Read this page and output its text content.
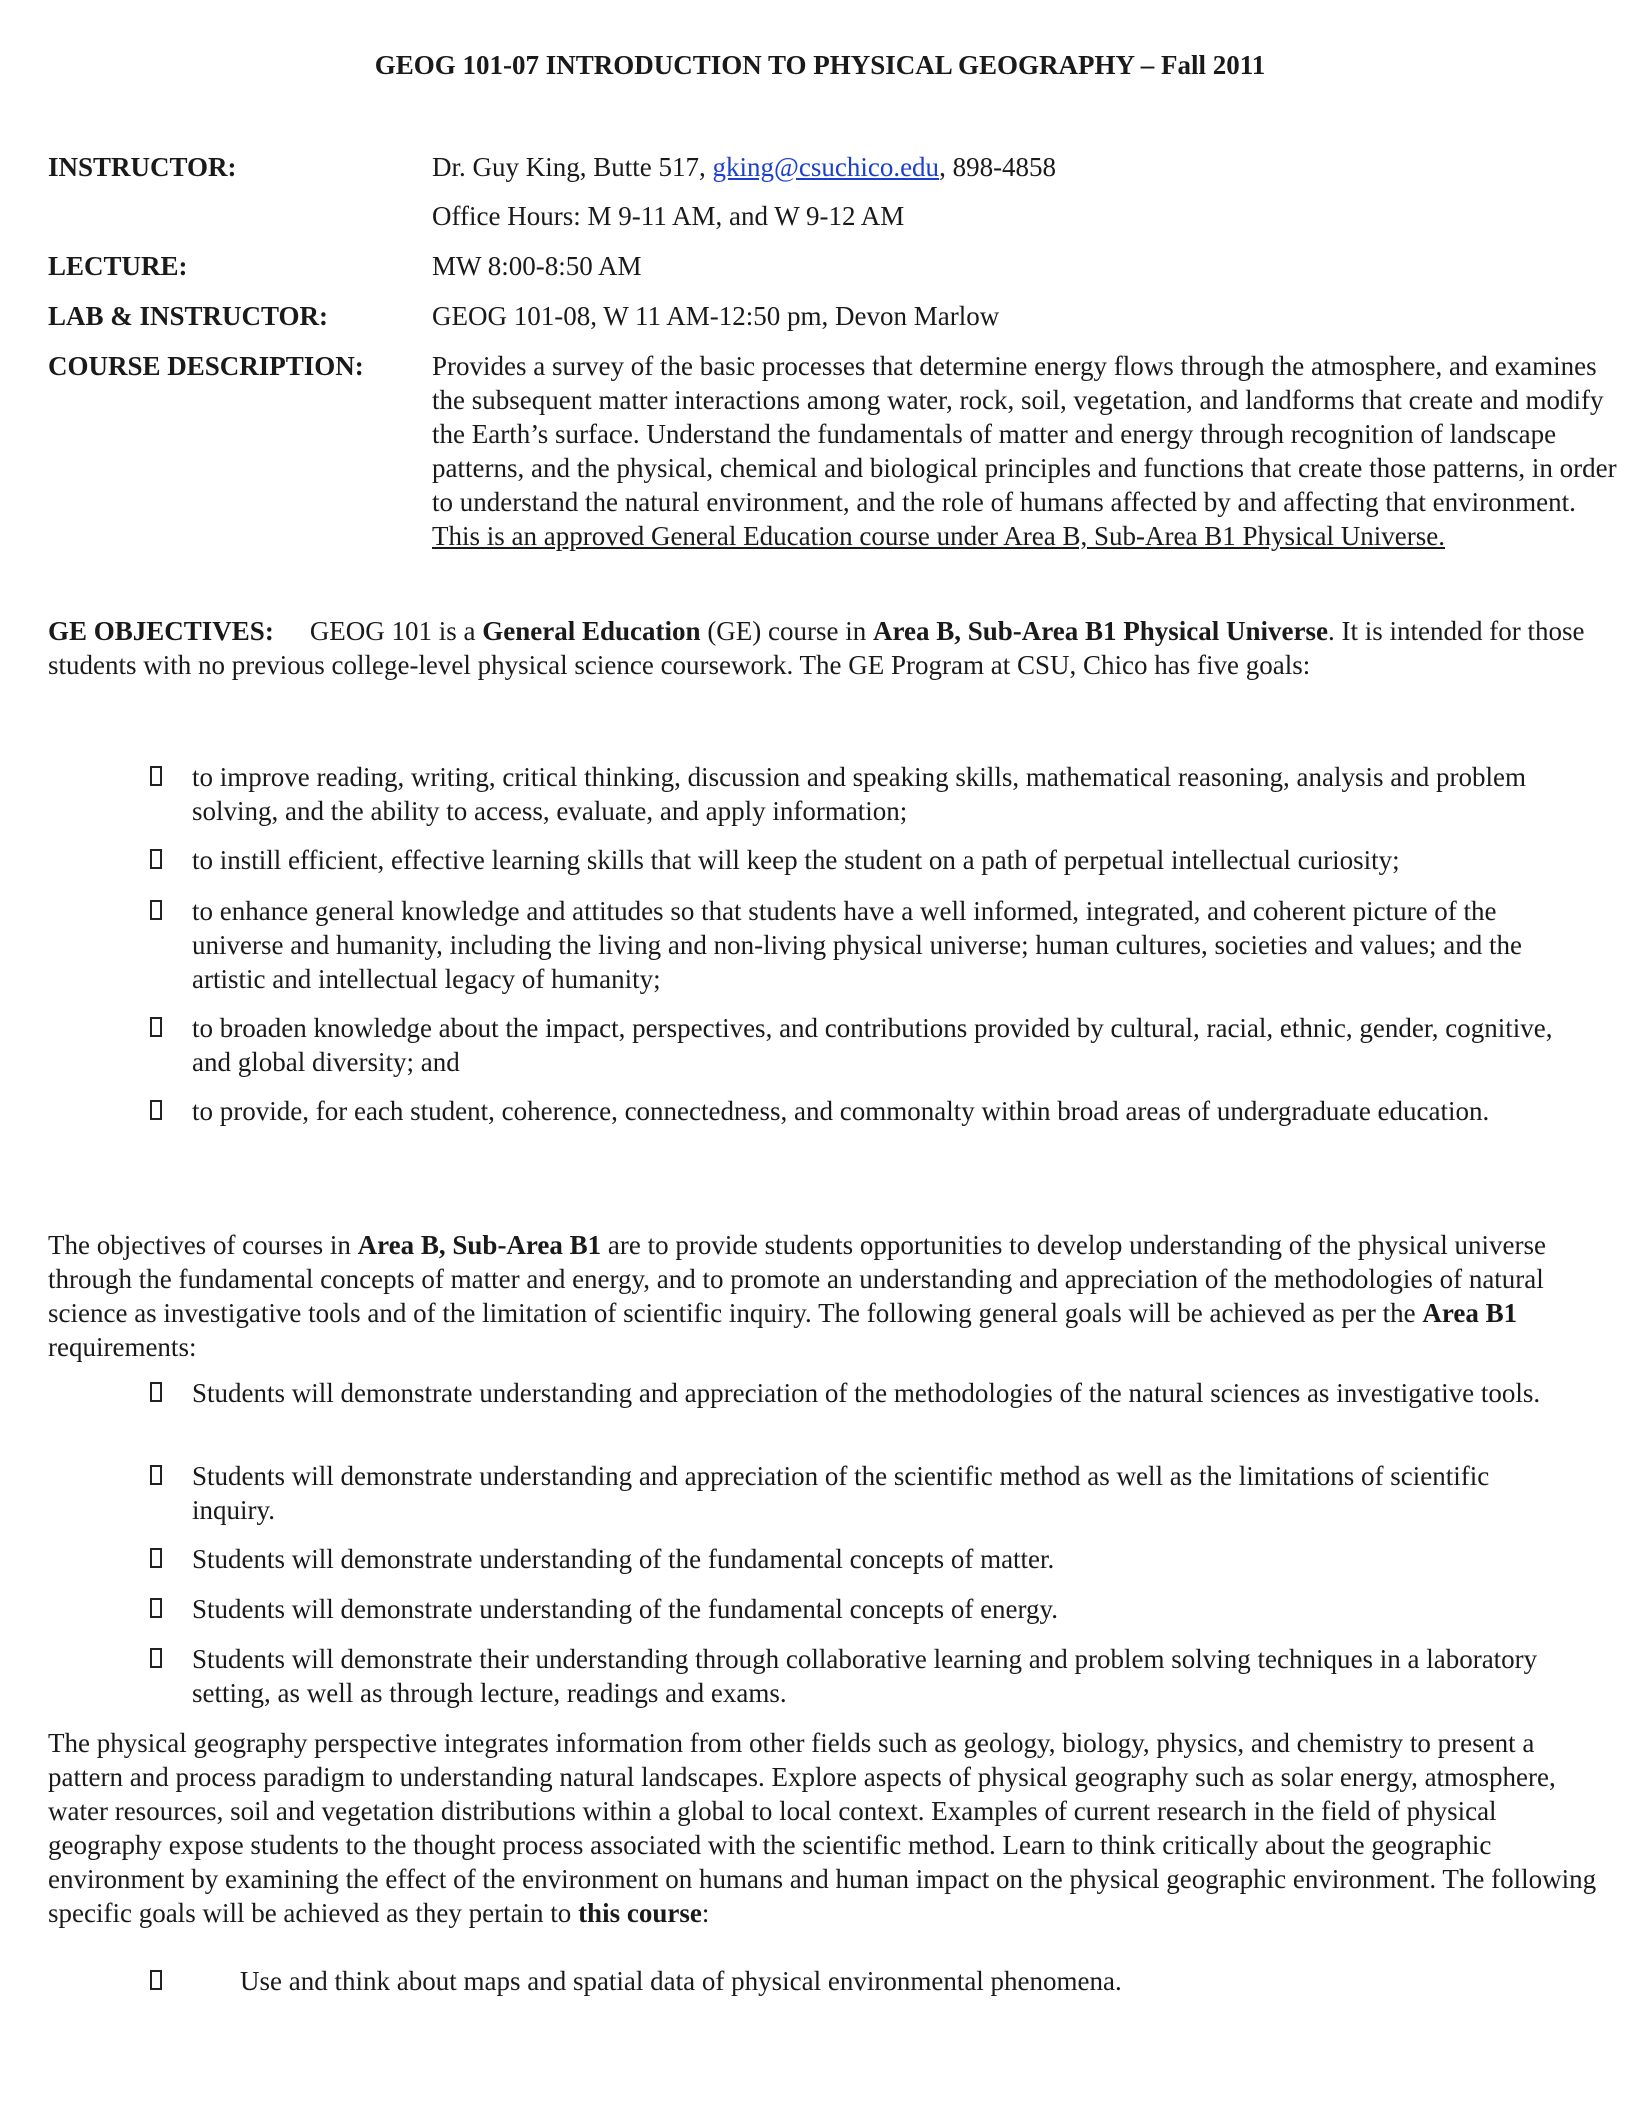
GEOG 101-07 INTRODUCTION TO PHYSICAL GEOGRAPHY – Fall 2011
INSTRUCTOR:	Dr. Guy King, Butte 517, gking@csuchico.edu, 898-4858
Office Hours: M 9-11 AM, and W 9-12 AM
LECTURE:	MW 8:00-8:50 AM
LAB & INSTRUCTOR:	GEOG 101-08, W 11 AM-12:50 pm, Devon Marlow
COURSE DESCRIPTION:	Provides a survey of the basic processes that determine energy flows through the atmosphere, and examines the subsequent matter interactions among water, rock, soil, vegetation, and landforms that create and modify the Earth’s surface. Understand the fundamentals of matter and energy through recognition of landscape patterns, and the physical, chemical and biological principles and functions that create those patterns, in order to understand the natural environment, and the role of humans affected by and affecting that environment. This is an approved General Education course under Area B, Sub-Area B1 Physical Universe.
GE OBJECTIVES: GEOG 101 is a General Education (GE) course in Area B, Sub-Area B1 Physical Universe. It is intended for those students with no previous college-level physical science coursework. The GE Program at CSU, Chico has five goals:
to improve reading, writing, critical thinking, discussion and speaking skills, mathematical reasoning, analysis and problem solving, and the ability to access, evaluate, and apply information;
to instill efficient, effective learning skills that will keep the student on a path of perpetual intellectual curiosity;
to enhance general knowledge and attitudes so that students have a well informed, integrated, and coherent picture of the universe and humanity, including the living and non-living physical universe; human cultures, societies and values; and the artistic and intellectual legacy of humanity;
to broaden knowledge about the impact, perspectives, and contributions provided by cultural, racial, ethnic, gender, cognitive, and global diversity; and
to provide, for each student, coherence, connectedness, and commonalty within broad areas of undergraduate education.
The objectives of courses in Area B, Sub-Area B1 are to provide students opportunities to develop understanding of the physical universe through the fundamental concepts of matter and energy, and to promote an understanding and appreciation of the methodologies of natural science as investigative tools and of the limitation of scientific inquiry. The following general goals will be achieved as per the Area B1 requirements:
Students will demonstrate understanding and appreciation of the methodologies of the natural sciences as investigative tools.
Students will demonstrate understanding and appreciation of the scientific method as well as the limitations of scientific inquiry.
Students will demonstrate understanding of the fundamental concepts of matter.
Students will demonstrate understanding of the fundamental concepts of energy.
Students will demonstrate their understanding through collaborative learning and problem solving techniques in a laboratory setting, as well as through lecture, readings and exams.
The physical geography perspective integrates information from other fields such as geology, biology, physics, and chemistry to present a pattern and process paradigm to understanding natural landscapes. Explore aspects of physical geography such as solar energy, atmosphere, water resources, soil and vegetation distributions within a global to local context. Examples of current research in the field of physical geography expose students to the thought process associated with the scientific method. Learn to think critically about the geographic environment by examining the effect of the environment on humans and human impact on the physical geographic environment. The following specific goals will be achieved as they pertain to this course:
Use and think about maps and spatial data of physical environmental phenomena.
